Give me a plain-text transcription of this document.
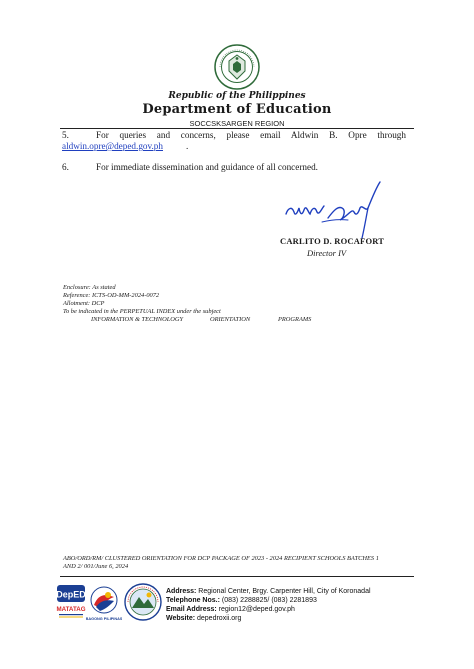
Republic of the Philippines
Department of Education
SOCCSKSARGEN REGION
5.	For queries and concerns, please email Aldwin B. Opre through
aldwin.opre@deped.gov.ph	.
6.	For immediate dissemination and guidance of all concerned.
CARLITO D. ROCAFORT
Director IV
Enclosure: As stated
Reference: ICTS-OD-MM-2024-0072
Allotment: DCP
To be indicated in the PERPETUAL INDEX under the subject
INFORMATION & TECHNOLOGY	ORIENTATION	PROGRAMS
ABO/ORD/RM/ CLUSTERED ORIENTATION FOR DCP PACKAGE OF 2023 - 2024 RECIPIENT SCHOOLS BATCHES 1
AND 2/ 001/June 6, 2024
DepED
MATATAG
BAGONG PILIPINAS
Address: Regional Center, Brgy. Carpenter Hill, City of Koronadal
Telephone Nos.: (083) 2288825/ (083) 2281893
Email Address: region12@deped.gov.ph
Website: depedroxii.org
